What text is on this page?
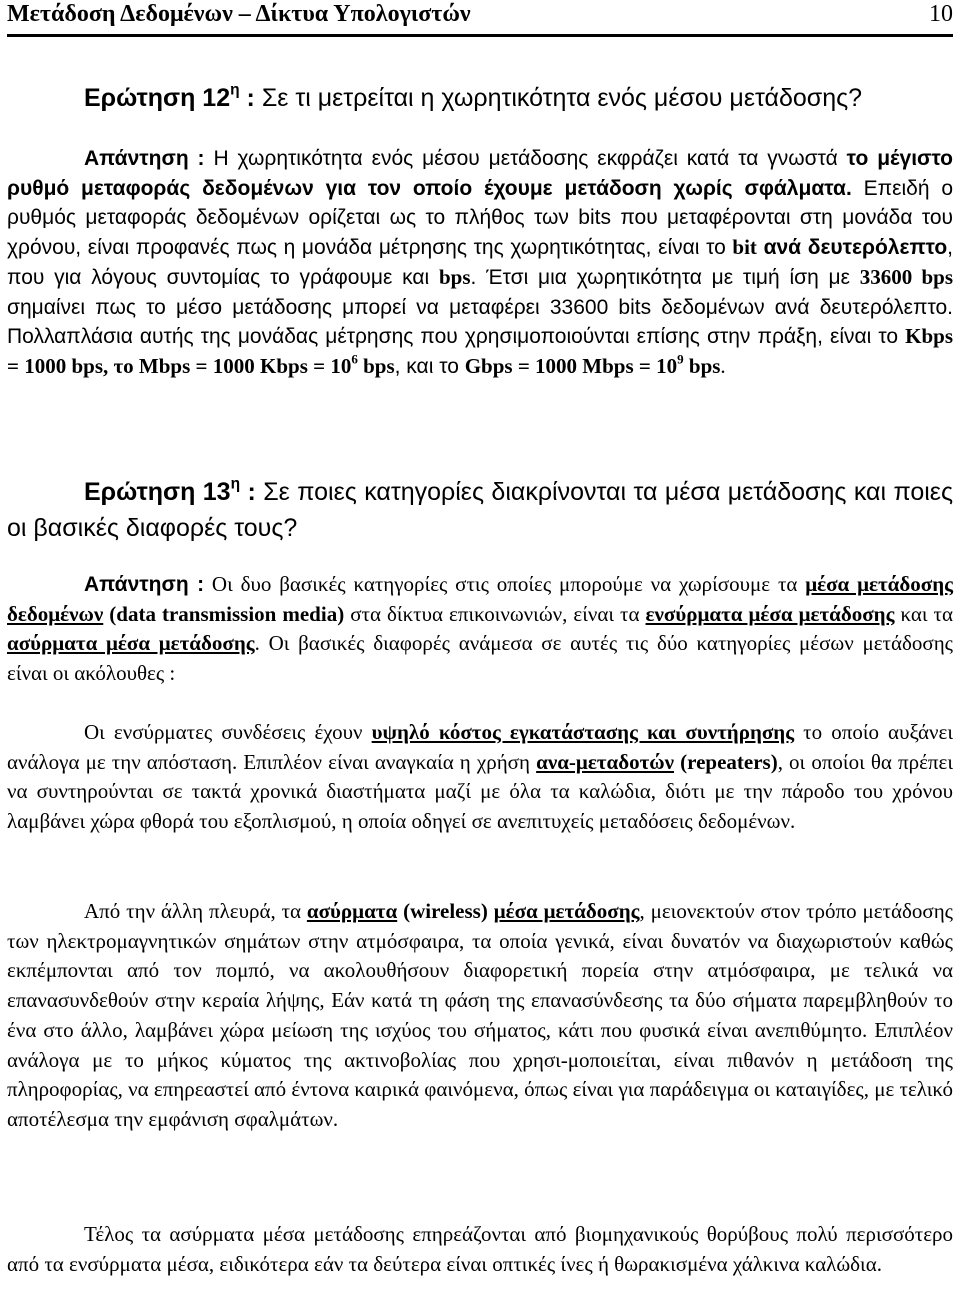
Μετάδοση Δεδομένων – Δίκτυα Υπολογιστών	10

Ερώτηση $12^\eta$ : Σε τι μετρείται η χωρητικότητα ενός μέσου μετάδοσης?

Απάντηση : Η χωρητικότητα ενός μέσου μετάδοσης εκφράζει κατά τα γνωστά το μέγιστο ρυθμό μεταφοράς δεδομένων για τον οποίο έχουμε μετάδοση χωρίς σφάλματα. Επειδή ο ρυθμός μεταφοράς δεδομένων ορίζεται ως το πλήθος των bits που μεταφέρονται στη μονάδα του χρόνου, είναι προφανές πως η μονάδα μέτρησης της χωρητικότητας, είναι το bit ανά δευτερόλεπτο, που για λόγους συντομίας το γράφουμε και bps. Έτσι μια χωρητικότητα με τιμή ίση με 33600 bps σημαίνει πως το μέσο μετάδοσης μπορεί να μεταφέρει 33600 bits δεδομένων ανά δευτερόλεπτο. Πολλαπλάσια αυτής της μονάδας μέτρησης που χρησιμοποιούνται επίσης στην πράξη, είναι το Kbps = 1000 bps, το Mbps = 1000 Kbps = $10^6$ bps, και το Gbps = 1000 Mbps = $10^9$ bps.

Ερώτηση $13^\eta$ : Σε ποιες κατηγορίες διακρίνονται τα μέσα μετάδοσης και ποιες οι βασικές διαφορές τους?

Απάντηση : Οι δυο βασικές κατηγορίες στις οποίες μπορούμε να χωρίσουμε τα μέσα μετάδοσης δεδομένων (data transmission media) στα δίκτυα επικοινωνιών, είναι τα ενσύρματα μέσα μετάδοσης και τα ασύρματα μέσα μετάδοσης. Οι βασικές διαφορές ανάμεσα σε αυτές τις δύο κατηγορίες μέσων μετάδοσης είναι οι ακόλουθες :

Οι ενσύρματες συνδέσεις έχουν υψηλό κόστος εγκατάστασης και συντήρησης το οποίο αυξάνει ανάλογα με την απόσταση. Επιπλέον είναι αναγκαία η χρήση ανα-μεταδοτών (repeaters), οι οποίοι θα πρέπει να συντηρούνται σε τακτά χρονικά διαστήματα μαζί με όλα τα καλώδια, διότι με την πάροδο του χρόνου λαμβάνει χώρα φθορά του εξοπλισμού, η οποία οδηγεί σε ανεπιτυχείς μεταδόσεις δεδομένων.

Από την άλλη πλευρά, τα ασύρματα (wireless) μέσα μετάδοσης, μειονεκτούν στον τρόπο μετάδοσης των ηλεκτρομαγνητικών σημάτων στην ατμόσφαιρα, τα οποία γενικά, είναι δυνατόν να διαχωριστούν καθώς εκπέμπονται από τον πομπό, να ακολουθήσουν διαφορετική πορεία στην ατμόσφαιρα, με τελικά να επανασυνδεθούν στην κεραία λήψης, Εάν κατά τη φάση της επανασύνδεσης τα δύο σήματα παρεμβληθούν το ένα στο άλλο, λαμβάνει χώρα μείωση της ισχύος του σήματος, κάτι που φυσικά είναι ανεπιθύμητο. Επιπλέον ανάλογα με το μήκος κύματος της ακτινοβολίας που χρησι-μοποιείται, είναι πιθανόν η μετάδοση της πληροφορίας, να επηρεαστεί από έντονα καιρικά φαινόμενα, όπως είναι για παράδειγμα οι καταιγίδες, με τελικό αποτέλεσμα την εμφάνιση σφαλμάτων.

Τέλος τα ασύρματα μέσα μετάδοσης επηρεάζονται από βιομηχανικούς θορύβους πολύ περισσότερο από τα ενσύρματα μέσα, ειδικότερα εάν τα δεύτερα είναι οπτικές ίνες ή θωρακισμένα χάλκινα καλώδια.
